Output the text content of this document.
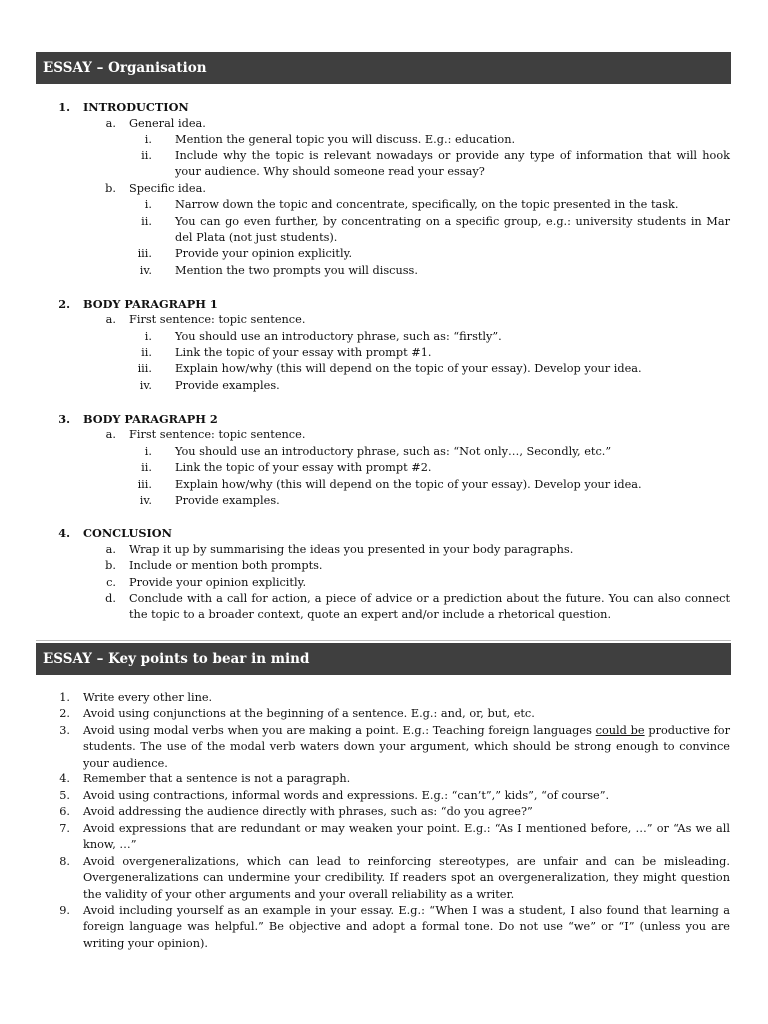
ESSAY – Organisation
1. INTRODUCTION
a. General idea.
i. Mention the general topic you will discuss. E.g.: education.
ii. Include why the topic is relevant nowadays or provide any type of information that will hook your audience. Why should someone read your essay?
b. Specific idea.
i. Narrow down the topic and concentrate, specifically, on the topic presented in the task.
ii. You can go even further, by concentrating on a specific group, e.g.: university students in Mar del Plata (not just students).
iii. Provide your opinion explicitly.
iv. Mention the two prompts you will discuss.
2. BODY PARAGRAPH 1
a. First sentence: topic sentence.
i. You should use an introductory phrase, such as: “firstly”.
ii. Link the topic of your essay with prompt #1.
iii. Explain how/why (this will depend on the topic of your essay). Develop your idea.
iv. Provide examples.
3. BODY PARAGRAPH 2
a. First sentence: topic sentence.
i. You should use an introductory phrase, such as: “Not only…, Secondly, etc.”
ii. Link the topic of your essay with prompt #2.
iii. Explain how/why (this will depend on the topic of your essay). Develop your idea.
iv. Provide examples.
4. CONCLUSION
a. Wrap it up by summarising the ideas you presented in your body paragraphs.
b. Include or mention both prompts.
c. Provide your opinion explicitly.
d. Conclude with a call for action, a piece of advice or a prediction about the future. You can also connect the topic to a broader context, quote an expert and/or include a rhetorical question.
ESSAY – Key points to bear in mind
1. Write every other line.
2. Avoid using conjunctions at the beginning of a sentence. E.g.: and, or, but, etc.
3. Avoid using modal verbs when you are making a point. E.g.: Teaching foreign languages could be productive for students. The use of the modal verb waters down your argument, which should be strong enough to convince your audience.
4. Remember that a sentence is not a paragraph.
5. Avoid using contractions, informal words and expressions. E.g.: “can’t”,” kids”, “of course”.
6. Avoid addressing the audience directly with phrases, such as: “do you agree?”
7. Avoid expressions that are redundant or may weaken your point. E.g.: “As I mentioned before, …” or “As we all know, …”
8. Avoid overgeneralizations, which can lead to reinforcing stereotypes, are unfair and can be misleading. Overgeneralizations can undermine your credibility. If readers spot an overgeneralization, they might question the validity of your other arguments and your overall reliability as a writer.
9. Avoid including yourself as an example in your essay. E.g.: “When I was a student, I also found that learning a foreign language was helpful.” Be objective and adopt a formal tone. Do not use “we” or “I” (unless you are writing your opinion).
